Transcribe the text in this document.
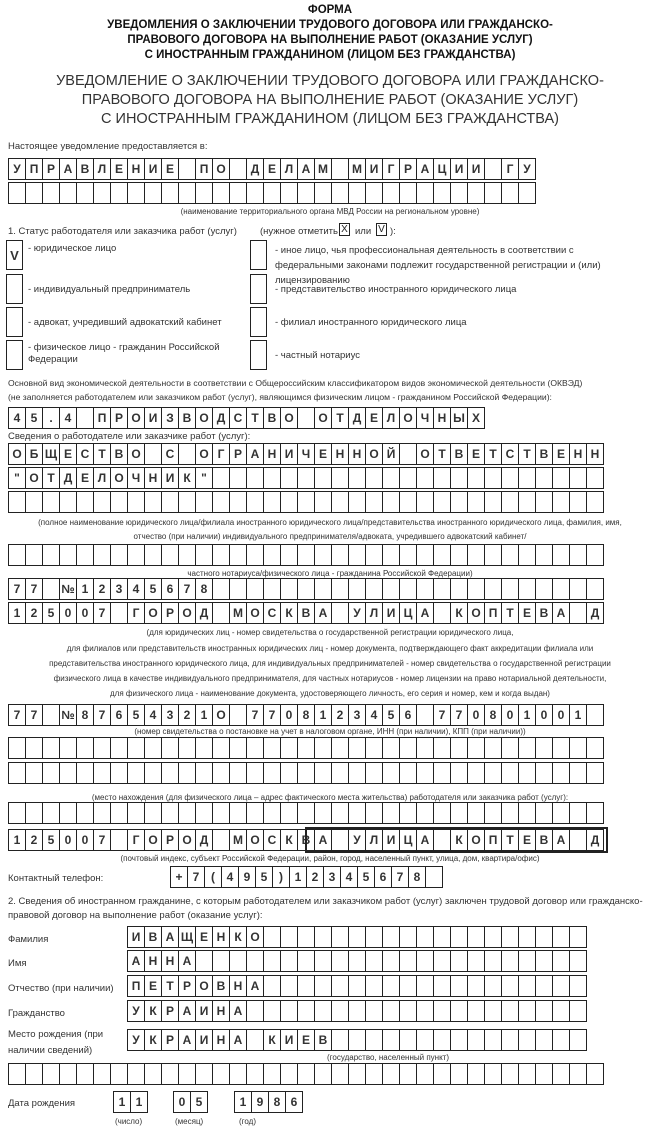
ФОРМА
УВЕДОМЛЕНИЯ О ЗАКЛЮЧЕНИИ ТРУДОВОГО ДОГОВОРА ИЛИ ГРАЖДАНСКО-
ПРАВОВОГО ДОГОВОРА НА ВЫПОЛНЕНИЕ РАБОТ (ОКАЗАНИЕ УСЛУГ)
С ИНОСТРАННЫМ ГРАЖДАНИНОМ (ЛИЦОМ БЕЗ ГРАЖДАНСТВА)
УВЕДОМЛЕНИЕ О ЗАКЛЮЧЕНИИ ТРУДОВОГО ДОГОВОРА ИЛИ ГРАЖДАНСКО-
ПРАВОВОГО ДОГОВОРА НА ВЫПОЛНЕНИЕ РАБОТ (ОКАЗАНИЕ УСЛУГ)
С ИНОСТРАННЫМ ГРАЖДАНИНОМ (ЛИЦОМ БЕЗ ГРАЖДАНСТВА)
Настоящее уведомление предоставляется в:
У П Р А В Л Е Н И Е	П О	Д Е Л А М	М И Г Р А Ц И И	Г У
(наименование территориального органа МВД России на региональном уровне)
1. Статус работодателя или заказчика работ (услуг) (нужное отметить X или V ):
V - юридическое лицо
- индивидуальный предприниматель
- адвокат, учредивший адвокатский кабинет
- физическое лицо - гражданин Российской Федерации
- иное лицо, чья профессиональная деятельность в соответствии с федеральными законами подлежит государственной регистрации и (или) лицензированию
- представительство иностранного юридического лица
- филиал иностранного юридического лица
- частный нотариус
Основной вид экономической деятельности в соответствии с Общероссийским классификатором видов экономической деятельности (ОКВЭД)
(не заполняется работодателем или заказчиком работ (услуг), являющимся физическим лицом - гражданином Российской Федерации):
4 5 . 4	П Р О И З В О Д С Т В О	О Т Д Е Л О Ч Н Ы Х
Сведения о работодателе или заказчике работ (услуг):
О Б Щ Е С Т В О	С	О Г Р А Н И Ч Е Н Н О Й	О Т В Е Т С Т В Е Н Н
" О Т Д Е Л О Ч Н И К "
(полное наименование юридического лица/филиала иностранного юридического лица/представительства иностранного юридического лица, фамилия, имя,
отчество (при наличии) индивидуального предпринимателя/адвоката, учредившего адвокатский кабинет/
частного нотариуса/физического лица - гражданина Российской Федерации)
7 7	№ 1 2 3 4 5 6 7 8
1 2 5 0 0 7	Г О Р О Д	М О С К В А	У Л И Ц А	К О П Т Е В А	Д
(для юридических лиц - номер свидетельства о государственной регистрации юридического лица,
для филиалов или представительств иностранных юридических лиц - номер документа, подтверждающего факт аккредитации филиала или
представительства иностранного юридического лица, для индивидуальных предпринимателей - номер свидетельства о государственной регистрации
физического лица в качестве индивидуального предпринимателя, для частных нотариусов - номер лицензии на право нотариальной деятельности,
для физического лица - наименование документа, удостоверяющего личность, его серия и номер, кем и когда выдан)
7 7	№ 8 7 6 5 4 3 2 1 О	7 7 0 8 1 2 3 4 5 6	7 7 0 8 0 1 0 0 1
(номер свидетельства о постановке на учет в налоговом органе, ИНН (при наличии), КПП (при наличии))
(место нахождения (для физического лица – адрес фактического места жительства) работодателя или заказчика работ (услуг):
1 2 5 0 0 7	Г О Р О Д	М О С К В А	У Л И Ц А	К О П Т Е В А	Д
(почтовый индекс, субъект Российской Федерации, район, город, населенный пункт, улица, дом, квартира/офис)
Контактный телефон:	+ 7 ( 4 9 5 ) 1 2 3 4 5 6 7 8
2. Сведения об иностранном гражданине, с которым работодателем или заказчиком работ (услуг) заключен трудовой договор или гражданско-
правовой договор на выполнение работ (оказание услуг):
Фамилия	И В А Щ Е Н К О
Имя	А Н Н А
Отчество (при наличии)	П Е Т Р О В Н А
Гражданство	У К Р А И Н А
Место рождения (при наличии сведений)
У К Р А И Н А	К И Е В
(государство, населенный пункт)
Дата рождения	1 1	0 5	1 9 8 6
(число)	(месяц)	(год)
